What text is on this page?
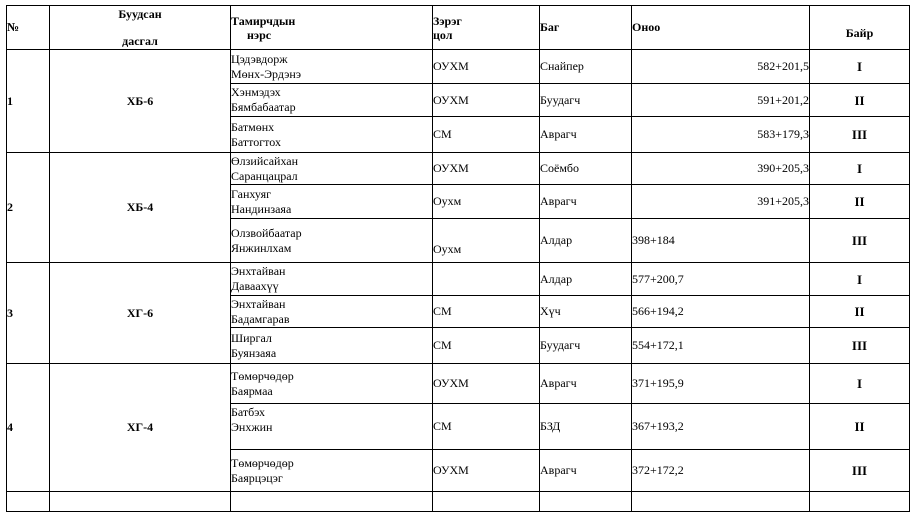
№	Буудсан
дасгал	Тамирчдын
нэрс	Зэрэг
цол	Баг	Оноо	Байр

1	ХБ-6	Цэдэвдорж
Мөнх-Эрдэнэ	ОУХМ	Снайпер	582+201,5	I

		Хэнмэдэх
Бямбабаатар	ОУХМ	Буудагч	591+201,2	II

		Батмөнх
Баттогтох	СМ	Аврагч	583+179,3	III
2	ХБ-4	Өлзийсайхан
Саранцацрал	ОУХМ	Соёмбо	390+205,3	I

		Ганхуяг
Нандинзаяа	Оухм	Аврагч	391+205,3	II

		Олзвойбаатар
Янжинлхам	Оухм	Алдар	398+184	III
3	ХГ-6	Энхтайван
Даваахүү		Алдар	577+200,7	I

		Энхтайван
Бадамгарав	СМ	Хүч	566+194,2	II

		Ширгал
Буянзаяа	СМ	Буудагч	554+172,1	III
4	ХГ-4	Төмөрчөдөр
Баярмаа	ОУХМ	Аврагч	371+195,9	I

		Батбэх
Энхжин	СМ	БЗД	367+193,2	II

		Төмөрчөдөр
Баярцэцэг	ОУХМ	Аврагч	372+172,2	III
